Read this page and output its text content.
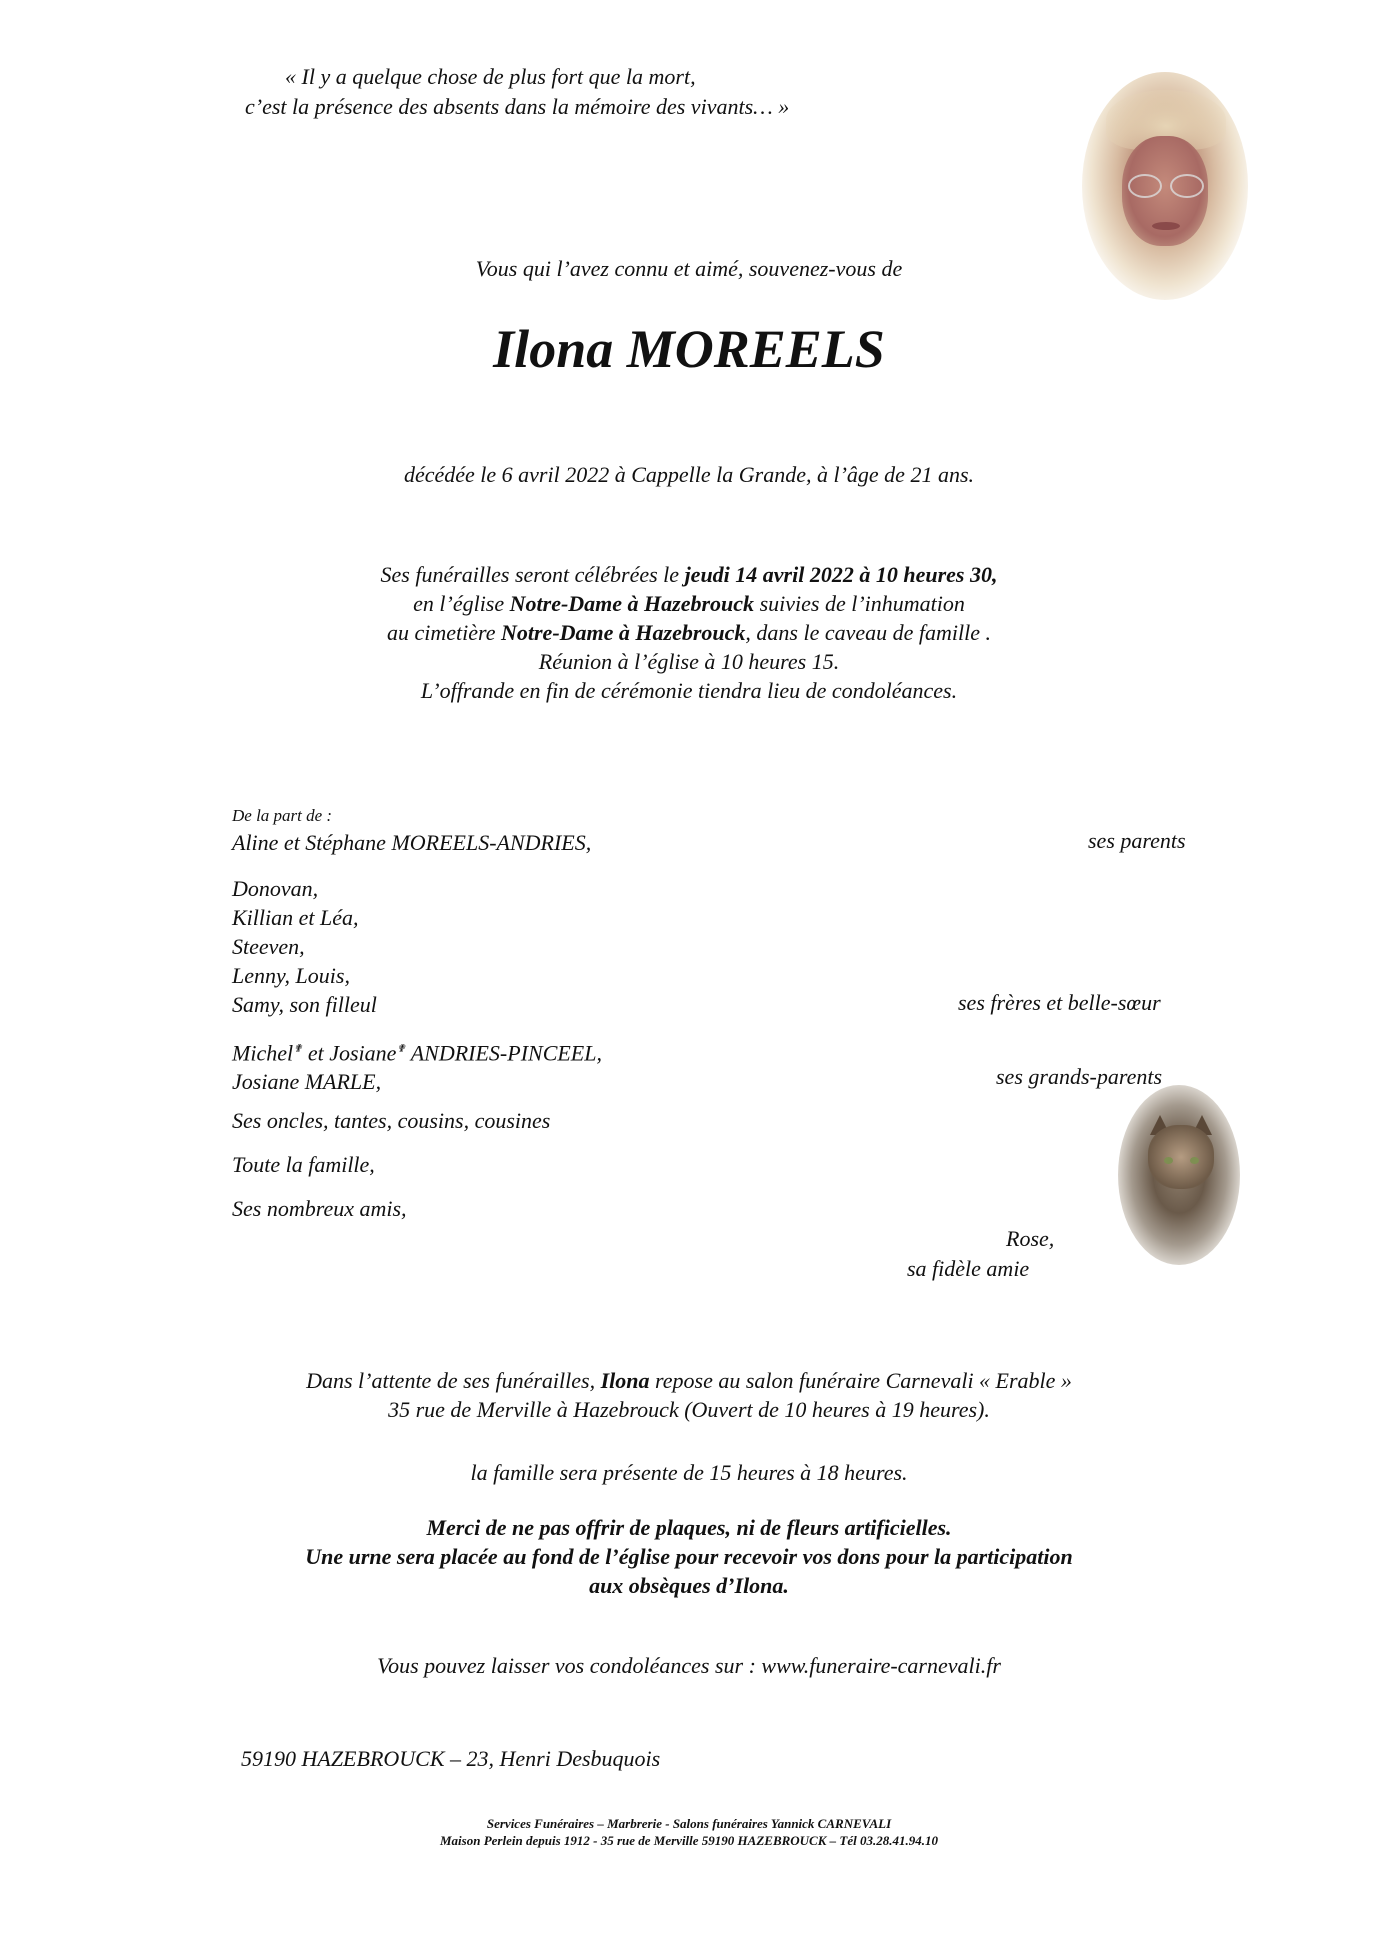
« Il y a quelque chose de plus fort que la mort,
c’est la présence des absents dans la mémoire des vivants… »
Vous qui l’avez connu et aimé, souvenez-vous de
Ilona MOREELS
décédée le 6 avril 2022 à Cappelle la Grande, à l’âge de 21 ans.
Ses funérailles seront célébrées le jeudi 14 avril 2022 à 10 heures 30,
en l’église Notre-Dame à Hazebrouck suivies de l’inhumation
au cimetière Notre-Dame à Hazebrouck, dans le caveau de famille .
Réunion à l’église à 10 heures 15.
L’offrande en fin de cérémonie tiendra lieu de condoléances.
De la part de :
Aline et Stéphane MOREELS-ANDRIES,	ses parents
Donovan,
Killian et Léa,
Steeven,
Lenny, Louis,
Samy, son filleul	ses frères et belle-sœur
Michel✟ et Josiane✟ ANDRIES-PINCEEL,
Josiane MARLE,	ses grands-parents
Ses oncles, tantes, cousins, cousines
Toute la famille,
Ses nombreux amis,
Rose,
sa fidèle amie
Dans l’attente de ses funérailles, Ilona repose au salon funéraire Carnevali « Erable »
35 rue de Merville à Hazebrouck (Ouvert de 10 heures à 19 heures).
la famille sera présente de 15 heures à 18 heures.
Merci de ne pas offrir de plaques, ni de fleurs artificielles.
Une urne sera placée au fond de l’église pour recevoir vos dons pour la participation
aux obsèques d’Ilona.
Vous pouvez laisser vos condoléances sur : www.funeraire-carnevali.fr
59190 HAZEBROUCK – 23, Henri Desbuquois
Services Funéraires – Marbrerie - Salons funéraires Yannick CARNEVALI
Maison Perlein depuis 1912 - 35 rue de Merville 59190 HAZEBROUCK – Tél 03.28.41.94.10
